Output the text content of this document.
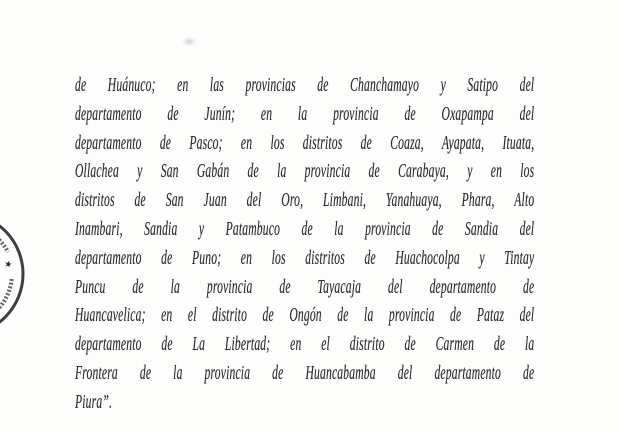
★
de Huánuco; en las provincias de Chanchamayo y Satipo del
departamento de Junín; en la provincia de Oxapampa del
departamento de Pasco; en los distritos de Coaza, Ayapata, Ituata,
Ollachea y San Gabán de la provincia de Carabaya, y en los
distritos de San Juan del Oro, Limbani, Yanahuaya, Phara, Alto
Inambari, Sandia y Patambuco de la provincia de Sandia del
departamento de Puno; en los distritos de Huachocolpa y Tintay
Puncu de la provincia de Tayacaja del departamento de
Huancavelica; en el distrito de Ongón de la provincia de Pataz del
departamento de La Libertad; en el distrito de Carmen de la
Frontera de la provincia de Huancabamba del departamento de
Piura”.
